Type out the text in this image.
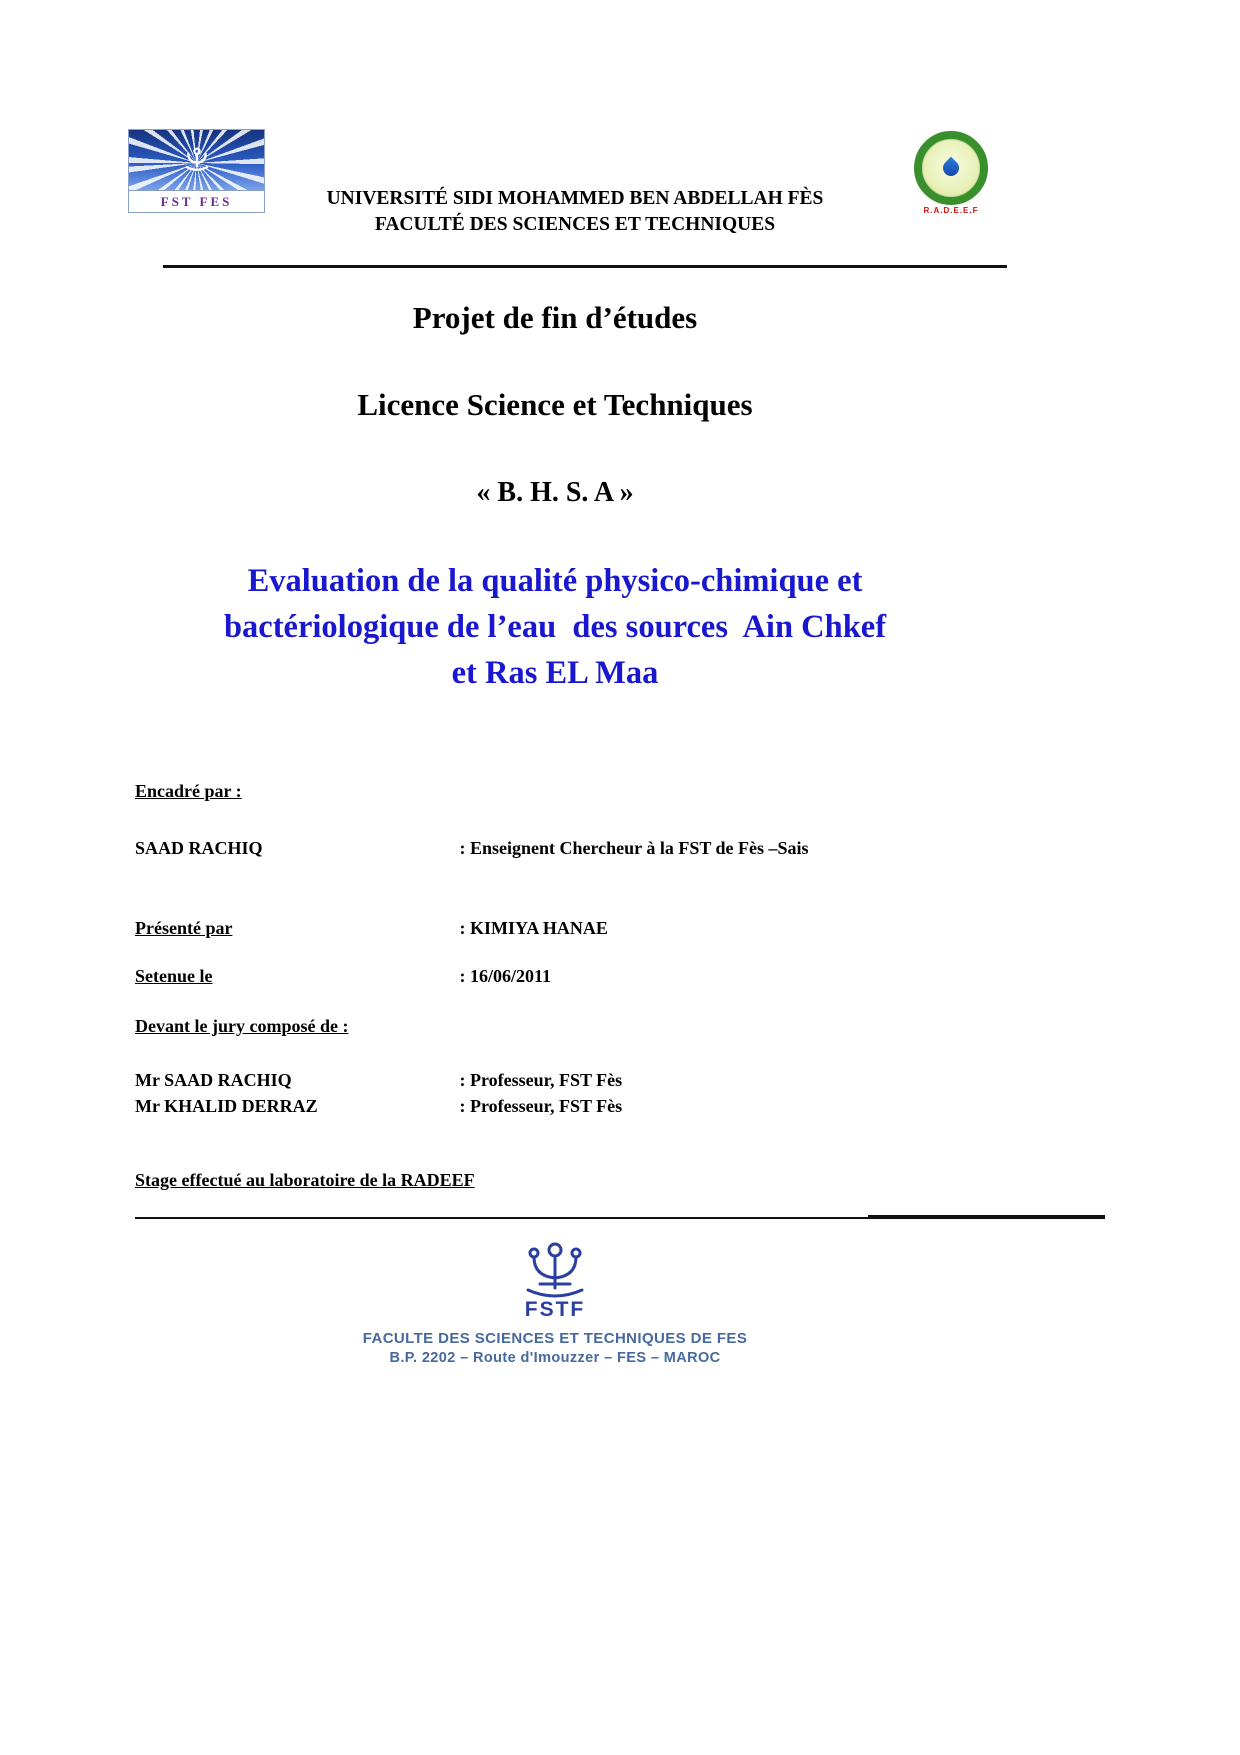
FST FES
R.A.D.E.E.F
UNIVERSITÉ SIDI MOHAMMED BEN ABDELLAH FÈS
FACULTÉ DES SCIENCES ET TECHNIQUES
Projet de fin d’études
Licence Science et Techniques
« B. H. S. A »
Evaluation de la qualité physico-chimique et
bactériologique de l’eau  des sources  Ain Chkef
et Ras EL Maa
Encadré par :
SAAD RACHIQ	: Enseignent Chercheur à la FST de Fès –Sais
Présenté par	: KIMIYA HANAE
Setenue le	: 16/06/2011
Devant le jury composé de :
Mr SAAD RACHIQ	: Professeur, FST Fès
Mr KHALID DERRAZ	: Professeur, FST Fès
Stage effectué au laboratoire de la RADEEF
FSTF
FACULTE DES SCIENCES ET TECHNIQUES DE FES
B.P. 2202 – Route d'Imouzzer – FES – MAROC
